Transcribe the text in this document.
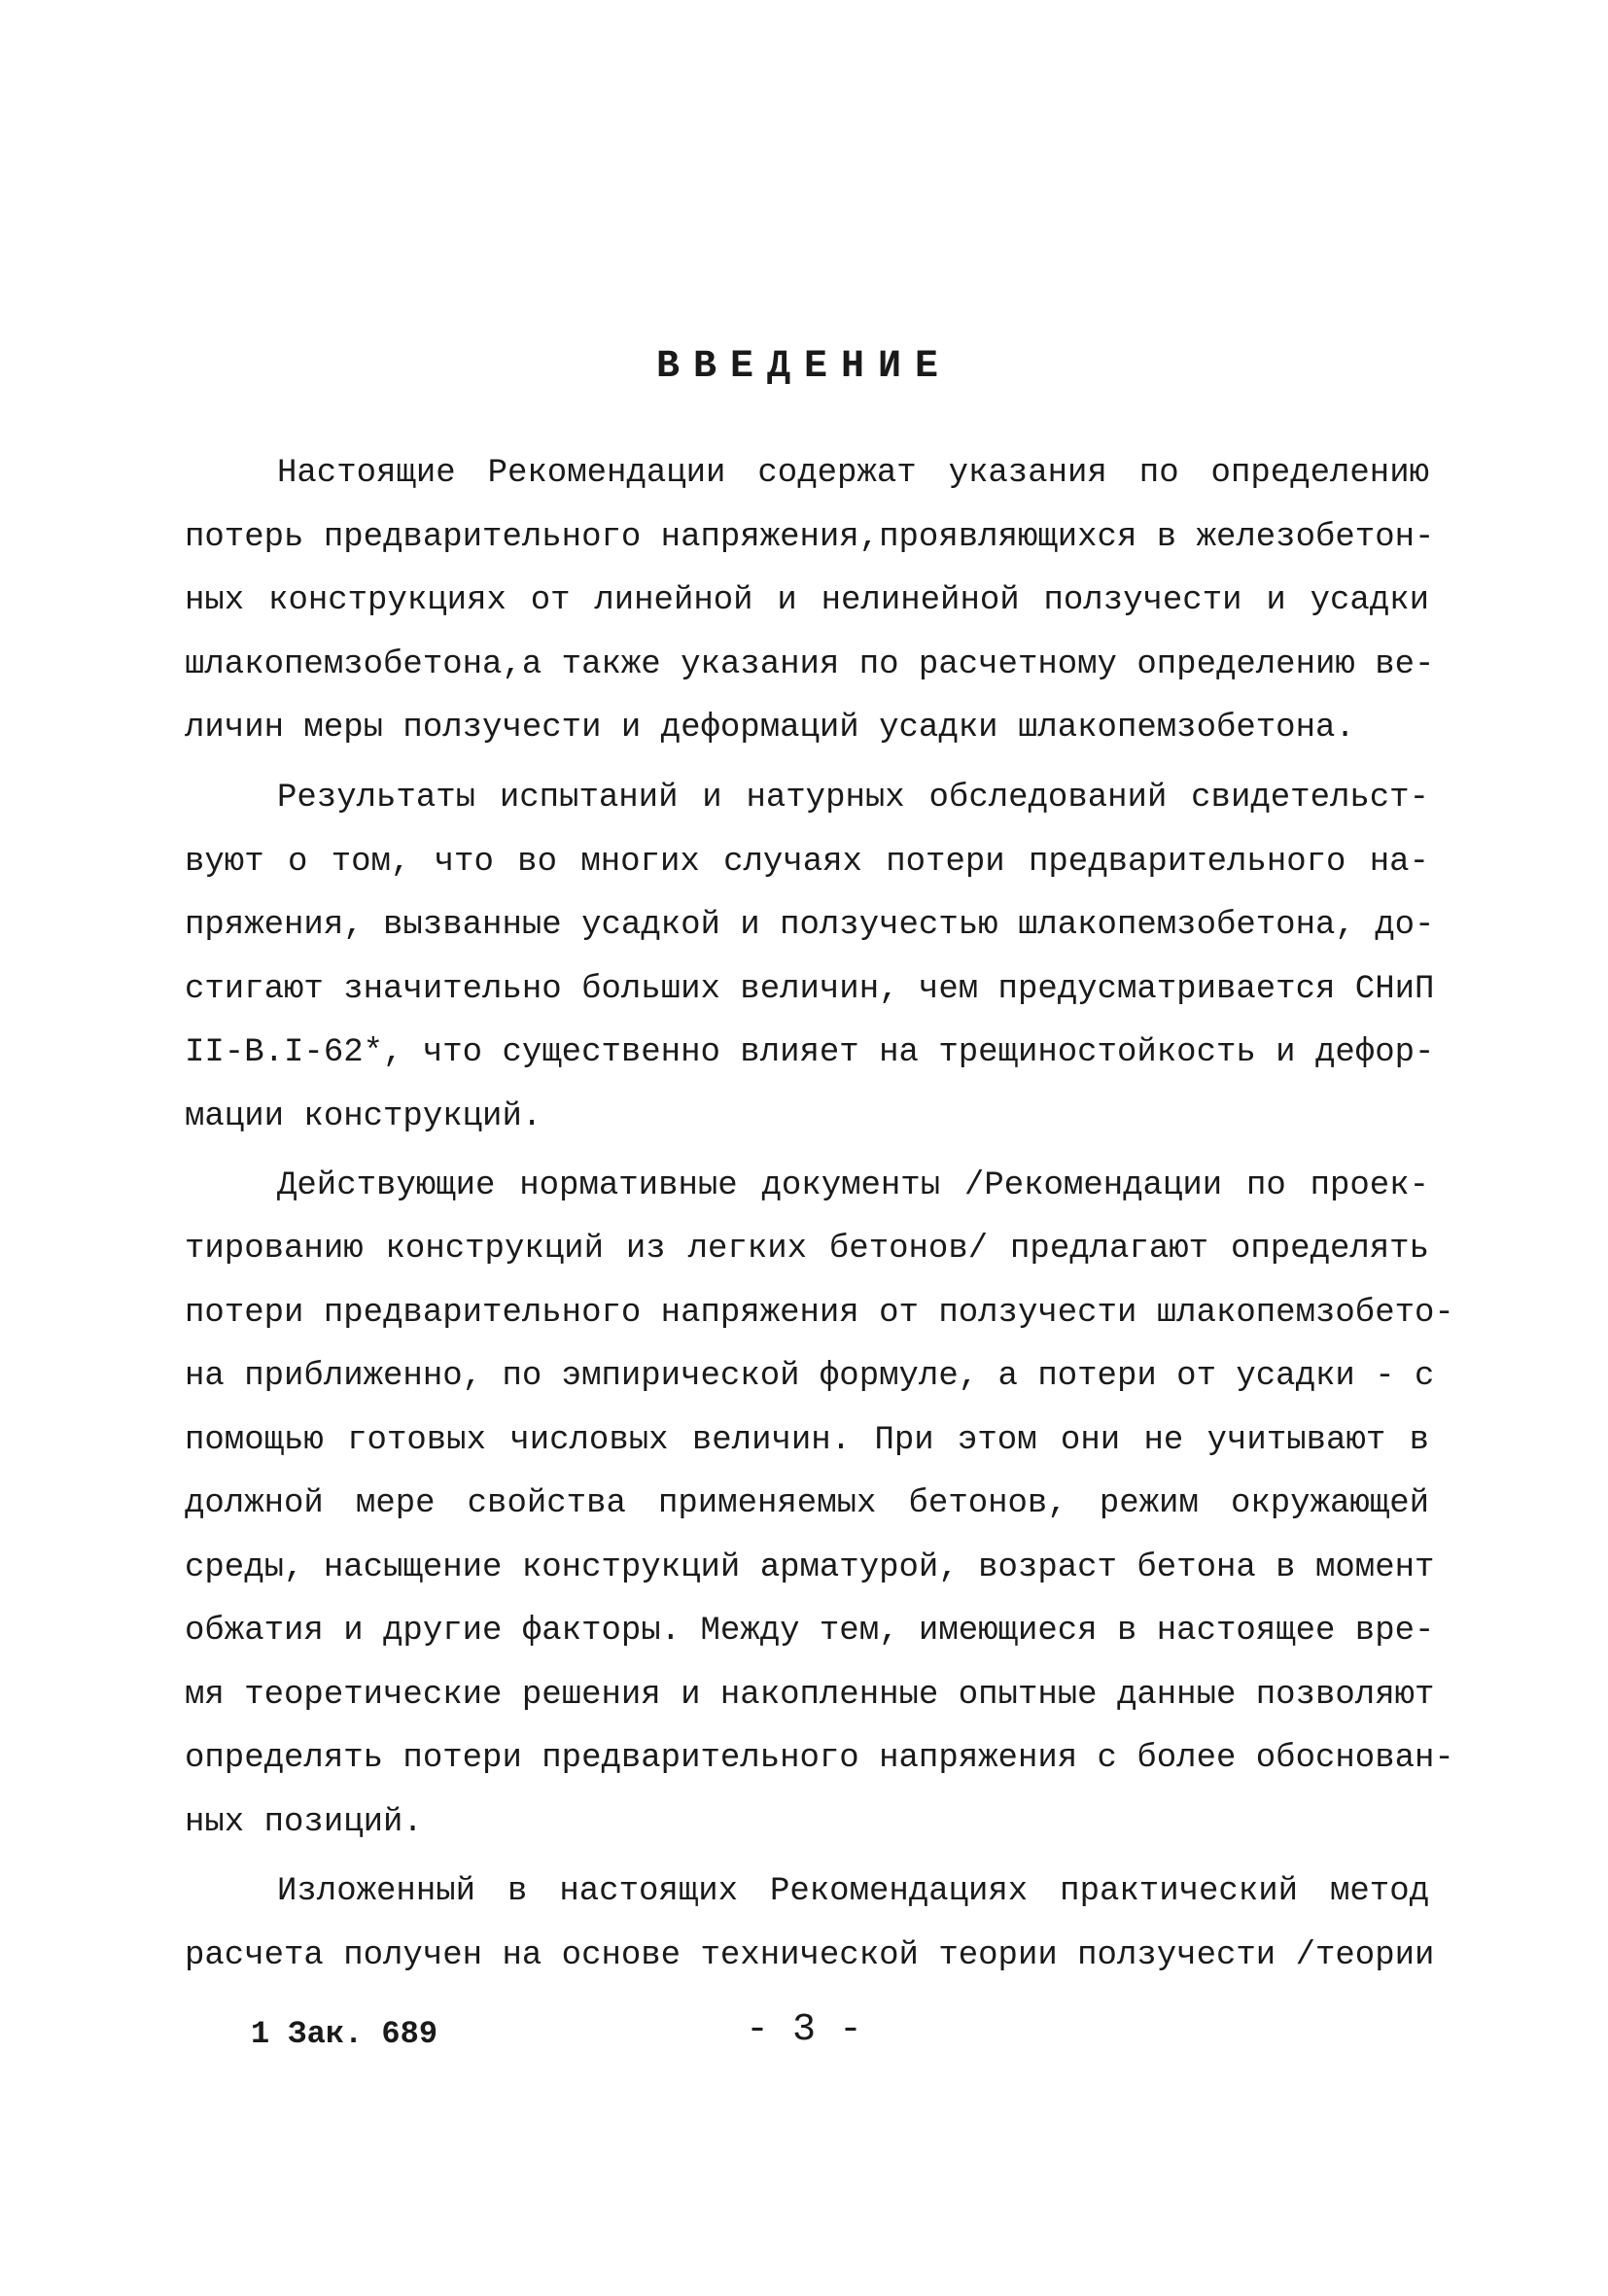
ВВЕДЕНИЕ

Настоящие Рекомендации содержат указания по определению

потерь предварительного напряжения,проявляющихся в железобетон-

ных конструкциях от линейной и нелинейной ползучести и усадки

шлакопемзобетона,а также указания по расчетному определению ве-

личин меры ползучести и деформаций усадки шлакопемзобетона.

Результаты испытаний и натурных обследований свидетельст-

вуют о том, что во многих случаях потери предварительного на-

пряжения, вызванные усадкой и ползучестью шлакопемзобетона, до-

стигают значительно больших величин, чем предусматривается СНиП

II-В.I-62*, что существенно влияет на трещиностойкость и дефор-

мации конструкций.

Действующие нормативные документы /Рекомендации по проек-

тированию конструкций из легких бетонов/ предлагают определять

потери предварительного напряжения от ползучести шлакопемзобето-

на приближенно, по эмпирической формуле, а потери от усадки - с

помощью готовых числовых величин. При этом они не учитывают в

должной мере свойства применяемых бетонов, режим окружающей

среды, насыщение конструкций арматурой, возраст бетона в момент

обжатия и другие факторы. Между тем, имеющиеся в настоящее вре-

мя теоретические решения и накопленные опытные данные позволяют

определять потери предварительного напряжения с более обоснован-

ных позиций.

Изложенный в настоящих Рекомендациях практический метод

расчета получен на основе технической теории ползучести /теории

1 Зак. 689	- 3 -
